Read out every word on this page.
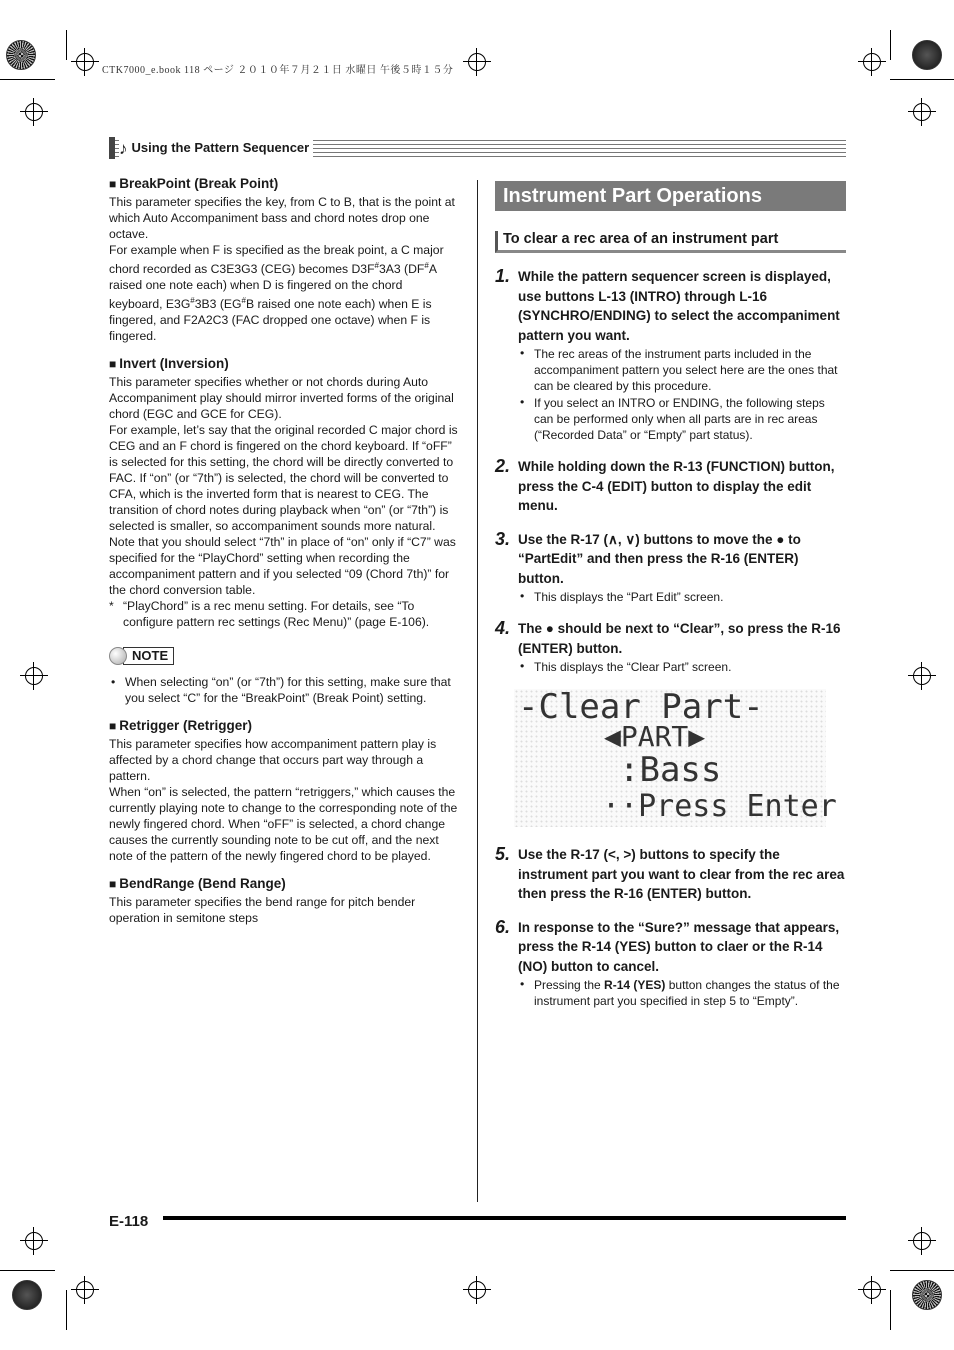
CTK7000_e.book 118 ページ ２０１０年７月２１日 水曜日 午後５時１５分
♪ Using the Pattern Sequencer
■ BreakPoint (Break Point)

This parameter specifies the key, from C to B, that is the point at which Auto Accompaniment bass and chord notes drop one octave.

For example when F is specified as the break point, a C major chord recorded as C3E3G3 (CEG) becomes D3F#3A3 (DF#A raised one note each) when D is fingered on the chord keyboard, E3G#3B3 (EG#B raised one note each) when E is fingered, and F2A2C3 (FAC dropped one octave) when F is fingered.

■ Invert (Inversion)

This parameter specifies whether or not chords during Auto Accompaniment play should mirror inverted forms of the original chord (EGC and GCE for CEG).

For example, let’s say that the original recorded C major chord is CEG and an F chord is fingered on the chord keyboard. If “oFF” is selected for this setting, the chord will be directly converted to FAC. If “on” (or “7th”) is selected, the chord will be converted to CFA, which is the inverted form that is nearest to CEG. The transition of chord notes during playback when “on” (or “7th”) is selected is smaller, so accompaniment sounds more natural.

Note that you should select “7th” in place of “on” only if “C7” was specified for the “PlayChord” setting when recording the accompaniment pattern and if you selected “09 (Chord 7th)” for the chord conversion table.

* “PlayChord” is a rec menu setting. For details, see “To configure pattern rec settings (Rec Menu)” (page E-106).
NOTE
• When selecting “on” (or “7th”) for this setting, make sure that you select “C” for the “BreakPoint” (Break Point) setting.
■ Retrigger (Retrigger)

This parameter specifies how accompaniment pattern play is affected by a chord change that occurs part way through a pattern.

When “on” is selected, the pattern “retriggers,” which causes the currently playing note to change to the corresponding note of the newly fingered chord. When “oFF” is selected, a chord change causes the currently sounding note to be cut off, and the next note of the pattern of the newly fingered chord to be played.

■ BendRange (Bend Range)

This parameter specifies the bend range for pitch bender operation in semitone steps

Instrument Part Operations
To clear a rec area of an instrument part
1. While the pattern sequencer screen is displayed, use buttons L-13 (INTRO) through L-16 (SYNCHRO/ENDING) to select the accompaniment pattern you want.
• The rec areas of the instrument parts included in the accompaniment pattern you select here are the ones that can be cleared by this procedure.
• If you select an INTRO or ENDING, the following steps can be performed only when all parts are in rec areas (“Recorded Data” or “Empty” part status).
2. While holding down the R-13 (FUNCTION) button, press the C-4 (EDIT) button to display the edit menu.
3. Use the R-17 (∧, ∨) buttons to move the ● to “PartEdit” and then press the R-16 (ENTER) button.
• This displays the “Part Edit” screen.
4. The ● should be next to “Clear”, so press the R-16 (ENTER) button.
• This displays the “Clear Part” screen.
-Clear Part-
◀PART▶
:Bass
··Press Enter
5. Use the R-17 (<, >) buttons to specify the instrument part you want to clear from the rec area then press the R-16 (ENTER) button.
6. In response to the “Sure?” message that appears, press the R-14 (YES) button to claer or the R-14 (NO) button to cancel.
• Pressing the R-14 (YES) button changes the status of the instrument part you specified in step 5 to “Empty”.
E-118
